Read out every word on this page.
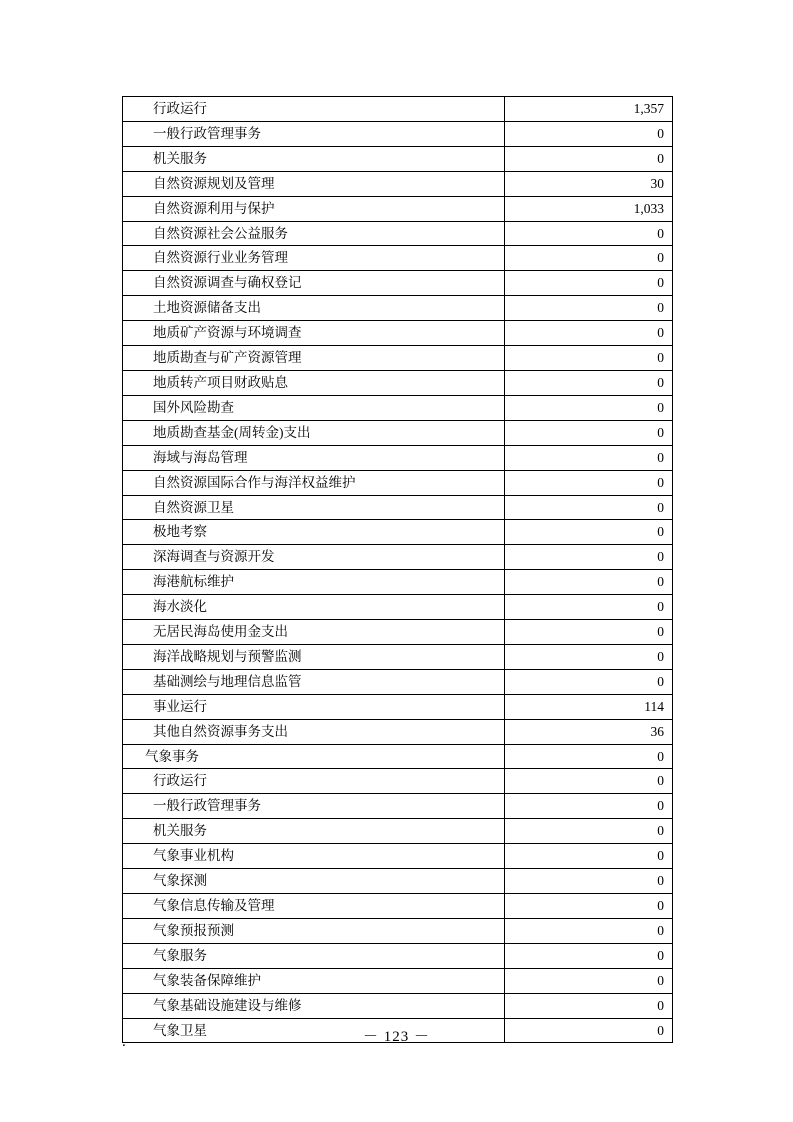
行政运行	1,357
一般行政管理事务	0
机关服务	0
自然资源规划及管理	30
自然资源利用与保护	1,033
自然资源社会公益服务	0
自然资源行业业务管理	0
自然资源调查与确权登记	0
土地资源储备支出	0
地质矿产资源与环境调查	0
地质勘查与矿产资源管理	0
地质转产项目财政贴息	0
国外风险勘查	0
地质勘查基金(周转金)支出	0
海域与海岛管理	0
自然资源国际合作与海洋权益维护	0
自然资源卫星	0
极地考察	0
深海调查与资源开发	0
海港航标维护	0
海水淡化	0
无居民海岛使用金支出	0
海洋战略规划与预警监测	0
基础测绘与地理信息监管	0
事业运行	114
其他自然资源事务支出	36
气象事务	0
行政运行	0
一般行政管理事务	0
机关服务	0
气象事业机构	0
气象探测	0
气象信息传输及管理	0
气象预报预测	0
气象服务	0
气象装备保障维护	0
气象基础设施建设与维修	0
气象卫星	0
.	－ 123 －
